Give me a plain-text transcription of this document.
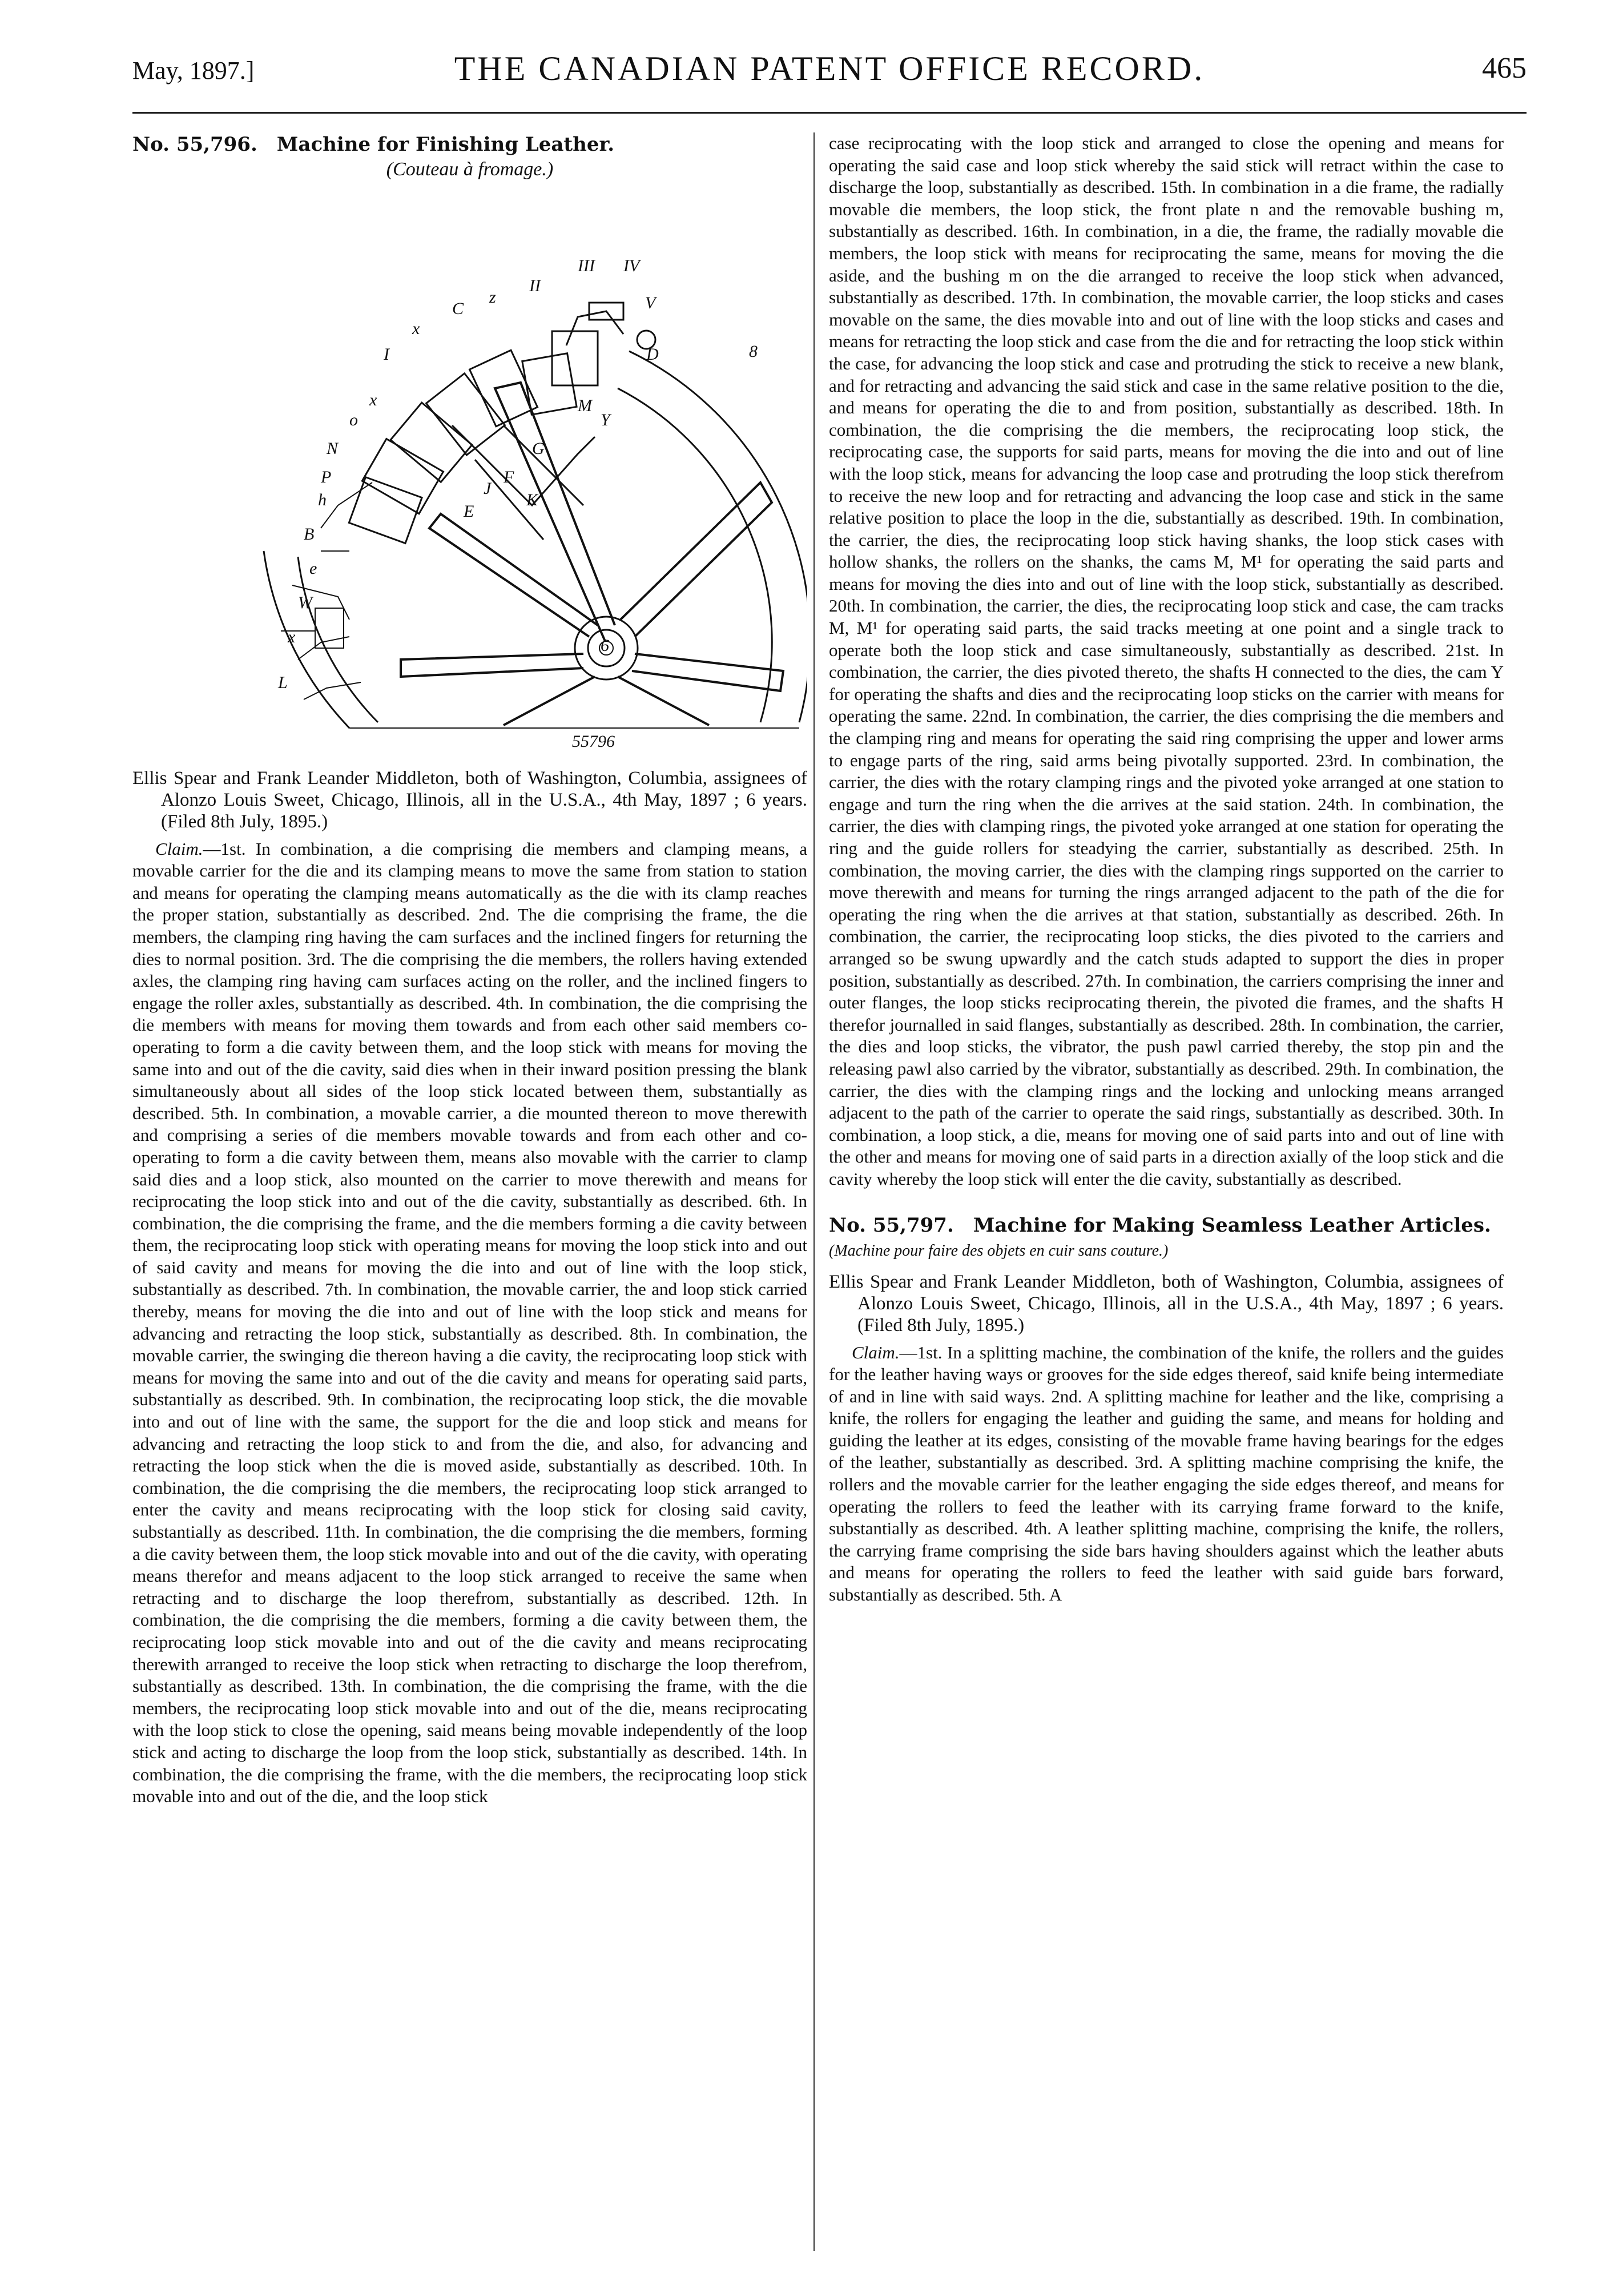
May, 1897.]	THE CANADIAN PATENT OFFICE RECORD.	465
No. 55,796. Machine for Finishing Leather.
(Couteau à fromage.)
IV
V
III
II
z
C
x
I
x
o
N
P
h
B
e
W
x
L
D
M
Y
G
F
J
K
E
8
6
55796

Ellis Spear and Frank Leander Middleton, both of Washington, Columbia, assignees of Alonzo Louis Sweet, Chicago, Illinois, all in the U.S.A., 4th May, 1897 ; 6 years. (Filed 8th July, 1895.)

Claim.—1st. In combination, a die comprising die members and clamping means, a movable carrier for the die and its clamping means to move the same from station to station and means for operating the clamping means automatically as the die with its clamp reaches the proper station, substantially as described. 2nd. The die comprising the frame, the die members, the clamping ring having the cam surfaces and the inclined fingers for returning the dies to normal position. 3rd. The die comprising the die members, the rollers having extended axles, the clamping ring having cam surfaces acting on the roller, and the inclined fingers to engage the roller axles, substantially as described. 4th. In combination, the die comprising the die members with means for moving them towards and from each other said members co-operating to form a die cavity between them, and the loop stick with means for moving the same into and out of the die cavity, said dies when in their inward position pressing the blank simultaneously about all sides of the loop stick located between them, substantially as described. 5th. In combination, a movable carrier, a die mounted thereon to move therewith and comprising a series of die members movable towards and from each other and co-operating to form a die cavity between them, means also movable with the carrier to clamp said dies and a loop stick, also mounted on the carrier to move therewith and means for reciprocating the loop stick into and out of the die cavity, substantially as described. 6th. In combination, the die comprising the frame, and the die members forming a die cavity between them, the reciprocating loop stick with operating means for moving the loop stick into and out of said cavity and means for moving the die into and out of line with the loop stick, substantially as described. 7th. In combination, the movable carrier, the and loop stick carried thereby, means for moving the die into and out of line with the loop stick and means for advancing and retracting the loop stick, substantially as described. 8th. In combination, the movable carrier, the swinging die thereon having a die cavity, the reciprocating loop stick with means for moving the same into and out of the die cavity and means for operating said parts, substantially as described. 9th. In combination, the reciprocating loop stick, the die movable into and out of line with the same, the support for the die and loop stick and means for advancing and retracting the loop stick to and from the die, and also, for advancing and retracting the loop stick when the die is moved aside, substantially as described. 10th. In combination, the die comprising the die members, the reciprocating loop stick arranged to enter the cavity and means reciprocating with the loop stick for closing said cavity, substantially as described. 11th. In combination, the die comprising the die members, forming a die cavity between them, the loop stick movable into and out of the die cavity, with operating means therefor and means adjacent to the loop stick arranged to receive the same when retracting and to discharge the loop therefrom, substantially as described. 12th. In combination, the die comprising the die members, forming a die cavity between them, the reciprocating loop stick movable into and out of the die cavity and means reciprocating therewith arranged to receive the loop stick when retracting to discharge the loop therefrom, substantially as described. 13th. In combination, the die comprising the frame, with the die members, the reciprocating loop stick movable into and out of the die, means reciprocating with the loop stick to close the opening, said means being movable independently of the loop stick and acting to discharge the loop from the loop stick, substantially as described. 14th. In combination, the die comprising the frame, with the die members, the reciprocating loop stick movable into and out of the die, and the loop stick

case reciprocating with the loop stick and arranged to close the opening and means for operating the said case and loop stick whereby the said stick will retract within the case to discharge the loop, substantially as described. 15th. In combination in a die frame, the radially movable die members, the loop stick, the front plate n and the removable bushing m, substantially as described. 16th. In combination, in a die, the frame, the radially movable die members, the loop stick with means for reciprocating the same, means for moving the die aside, and the bushing m on the die arranged to receive the loop stick when advanced, substantially as described. 17th. In combination, the movable carrier, the loop sticks and cases movable on the same, the dies movable into and out of line with the loop sticks and cases and means for retracting the loop stick and case from the die and for retracting the loop stick within the case, for advancing the loop stick and case and protruding the stick to receive a new blank, and for retracting and advancing the said stick and case in the same relative position to the die, and means for operating the die to and from position, substantially as described. 18th. In combination, the die comprising the die members, the reciprocating loop stick, the reciprocating case, the supports for said parts, means for moving the die into and out of line with the loop stick, means for advancing the loop case and protruding the loop stick therefrom to receive the new loop and for retracting and advancing the loop case and stick in the same relative position to place the loop in the die, substantially as described. 19th. In combination, the carrier, the dies, the reciprocating loop stick having shanks, the loop stick cases with hollow shanks, the rollers on the shanks, the cams M, M¹ for operating the said parts and means for moving the dies into and out of line with the loop stick, substantially as described. 20th. In combination, the carrier, the dies, the reciprocating loop stick and case, the cam tracks M, M¹ for operating said parts, the said tracks meeting at one point and a single track to operate both the loop stick and case simultaneously, substantially as described. 21st. In combination, the carrier, the dies pivoted thereto, the shafts H connected to the dies, the cam Y for operating the shafts and dies and the reciprocating loop sticks on the carrier with means for operating the same. 22nd. In combination, the carrier, the dies comprising the die members and the clamping ring and means for operating the said ring comprising the upper and lower arms to engage parts of the ring, said arms being pivotally supported. 23rd. In combination, the carrier, the dies with the rotary clamping rings and the pivoted yoke arranged at one station to engage and turn the ring when the die arrives at the said station. 24th. In combination, the carrier, the dies with clamping rings, the pivoted yoke arranged at one station for operating the ring and the guide rollers for steadying the carrier, substantially as described. 25th. In combination, the moving carrier, the dies with the clamping rings supported on the carrier to move therewith and means for turning the rings arranged adjacent to the path of the die for operating the ring when the die arrives at that station, substantially as described. 26th. In combination, the carrier, the reciprocating loop sticks, the dies pivoted to the carriers and arranged so be swung upwardly and the catch studs adapted to support the dies in proper position, substantially as described. 27th. In combination, the carriers comprising the inner and outer flanges, the loop sticks reciprocating therein, the pivoted die frames, and the shafts H therefor journalled in said flanges, substantially as described. 28th. In combination, the carrier, the dies and loop sticks, the vibrator, the push pawl carried thereby, the stop pin and the releasing pawl also carried by the vibrator, substantially as described. 29th. In combination, the carrier, the dies with the clamping rings and the locking and unlocking means arranged adjacent to the path of the carrier to operate the said rings, substantially as described. 30th. In combination, a loop stick, a die, means for moving one of said parts into and out of line with the other and means for moving one of said parts in a direction axially of the loop stick and die cavity whereby the loop stick will enter the die cavity, substantially as described.

No. 55,797. Machine for Making Seamless Leather Articles. (Machine pour faire des objets en cuir sans couture.)

Ellis Spear and Frank Leander Middleton, both of Washington, Columbia, assignees of Alonzo Louis Sweet, Chicago, Illinois, all in the U.S.A., 4th May, 1897 ; 6 years. (Filed 8th July, 1895.)

Claim.—1st. In a splitting machine, the combination of the knife, the rollers and the guides for the leather having ways or grooves for the side edges thereof, said knife being intermediate of and in line with said ways. 2nd. A splitting machine for leather and the like, comprising a knife, the rollers for engaging the leather and guiding the same, and means for holding and guiding the leather at its edges, consisting of the movable frame having bearings for the edges of the leather, substantially as described. 3rd. A splitting machine comprising the knife, the rollers and the movable carrier for the leather engaging the side edges thereof, and means for operating the rollers to feed the leather with its carrying frame forward to the knife, substantially as described. 4th. A leather splitting machine, comprising the knife, the rollers, the carrying frame comprising the side bars having shoulders against which the leather abuts and means for operating the rollers to feed the leather with said guide bars forward, substantially as described. 5th. A
